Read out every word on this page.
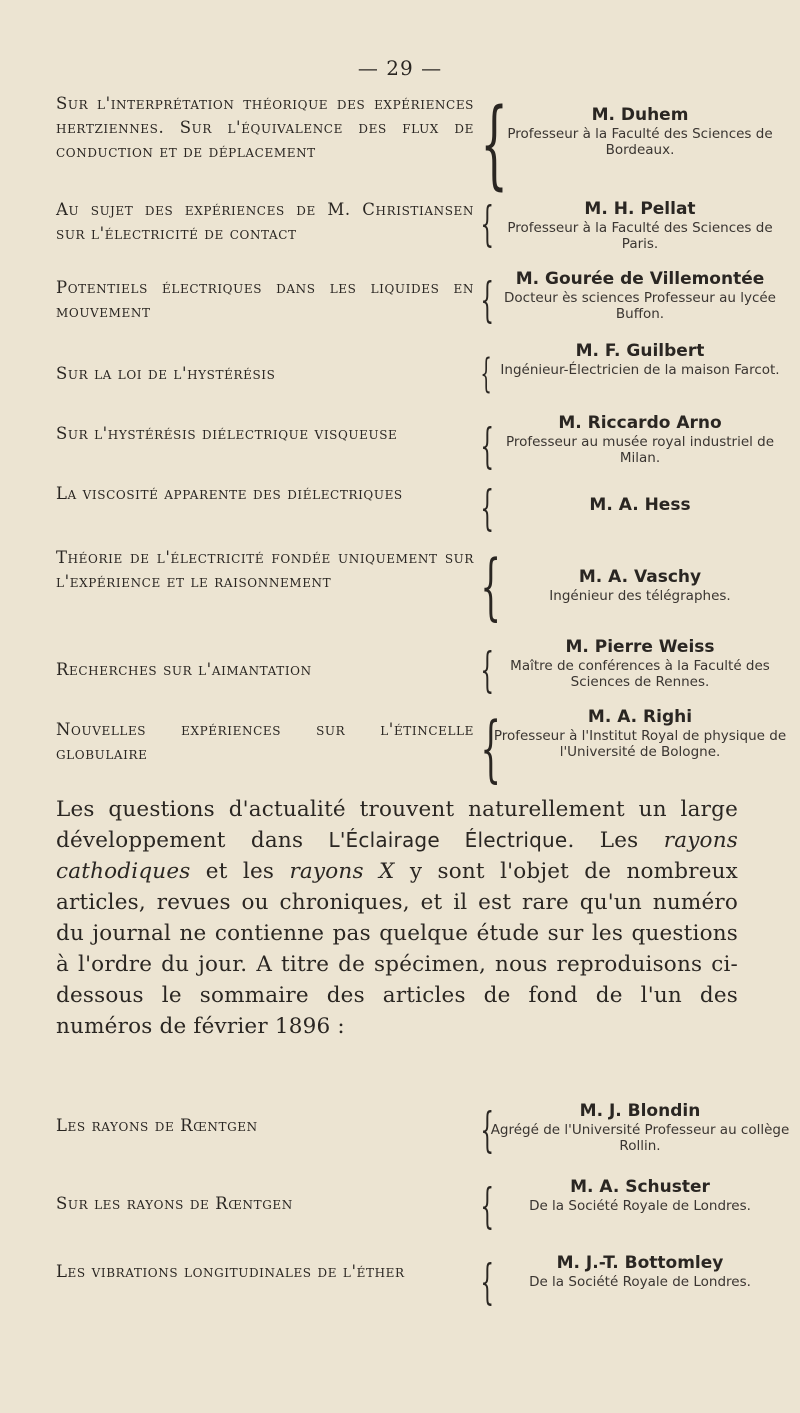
— 29 —
Sur l'interprétation théorique des expériences hertziennes. Sur l'équivalence des flux de conduction et de déplacement	{	M. Duhem
Professeur à la Faculté des Sciences de Bordeaux.
Au sujet des expériences de M. Christiansen sur l'électricité de contact	{	M. H. Pellat
Professeur à la Faculté des Sciences de Paris.
Potentiels électriques dans les liquides en mouvement	{	M. Gourée de Villemontée
Docteur ès sciences Professeur au lycée Buffon.
Sur la loi de l'hystérésis	{	M. F. Guilbert
Ingénieur-Électricien de la maison Farcot.
Sur l'hystérésis diélectrique visqueuse	{	M. Riccardo Arno
Professeur au musée royal industriel de Milan.
La viscosité apparente des diélectriques	{	M. A. Hess
Théorie de l'électricité fondée uniquement sur l'expérience et le raisonnement	{	M. A. Vaschy
Ingénieur des télégraphes.
Recherches sur l'aimantation	{	M. Pierre Weiss
Maître de conférences à la Faculté des Sciences de Rennes.
Nouvelles expériences sur l'étincelle globulaire	{	M. A. Righi
Professeur à l'Institut Royal de physique de l'Université de Bologne.
Les questions d'actualité trouvent naturellement un large développement dans L'Éclairage Électrique. Les rayons cathodiques et les rayons X y sont l'objet de nombreux articles, revues ou chroniques, et il est rare qu'un numéro du journal ne contienne pas quelque étude sur les questions à l'ordre du jour. A titre de spécimen, nous reproduisons ci-dessous le sommaire des articles de fond de l'un des numéros de février 1896 :
Les rayons de Rœntgen	{	M. J. Blondin
Agrégé de l'Université Professeur au collège Rollin.
Sur les rayons de Rœntgen	{	M. A. Schuster
De la Société Royale de Londres.
Les vibrations longitudinales de l'éther	{	M. J.-T. Bottomley
De la Société Royale de Londres.
